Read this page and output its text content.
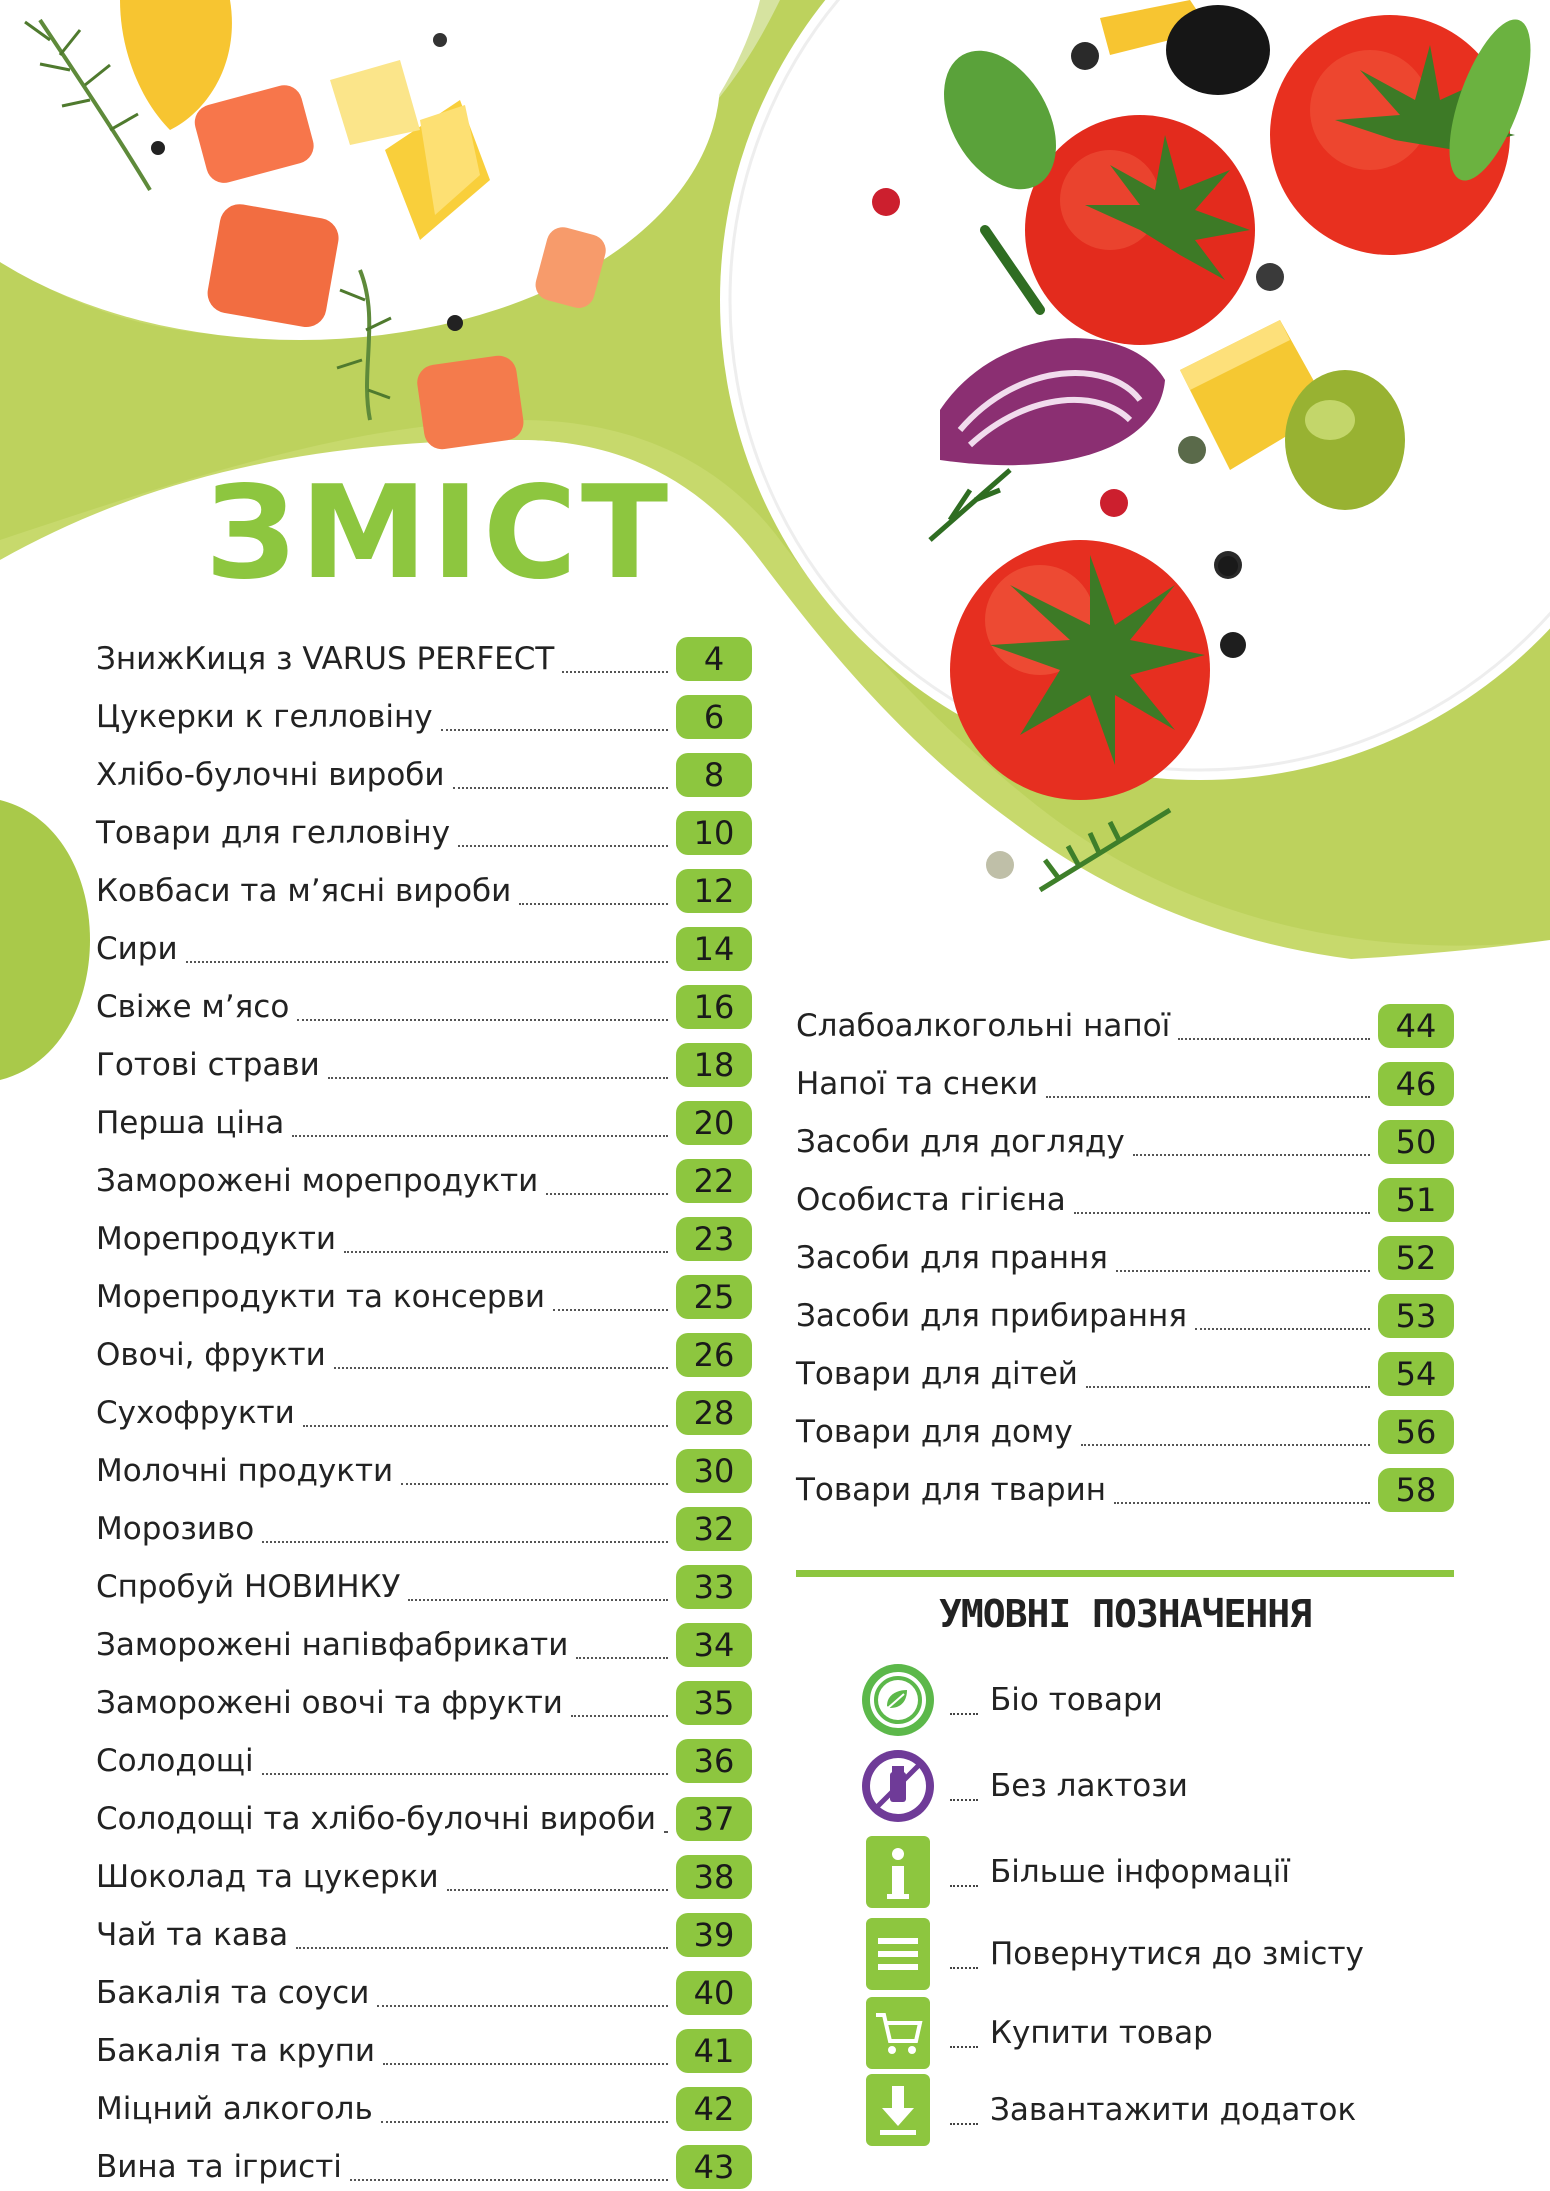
ЗМІСТ
ЗнижКиця з VARUS PERFECT	4
Цукерки к гелловіну	6
Хлібо-булочні вироби	8
Товари для гелловіну	10
Ковбаси та м’ясні вироби	12
Сири	14
Свіже м’ясо	16
Готові страви	18
Перша ціна	20
Заморожені морепродукти	22
Морепродукти	23
Морепродукти та консерви	25
Овочі, фрукти	26
Сухофрукти	28
Молочні продукти	30
Морозиво	32
Спробуй НОВИНКУ	33
Заморожені напівфабрикати	34
Заморожені овочі та фрукти	35
Солодощі	36
Солодощі та хлібо-булочні вироби	37
Шоколад та цукерки	38
Чай та кава	39
Бакалія та соуси	40
Бакалія та крупи	41
Міцний алкоголь	42
Вина та ігристі	43
Слабоалкогольні напої	44
Напої та снеки	46
Засоби для догляду	50
Особиста гігієна	51
Засоби для прання	52
Засоби для прибирання	53
Товари для дітей	54
Товари для дому	56
Товари для тварин	58
УМОВНІ ПОЗНАЧЕННЯ
Біо товари
Без лактози
Більше інформації
Повернутися до змісту
Купити товар
Завантажити додаток
